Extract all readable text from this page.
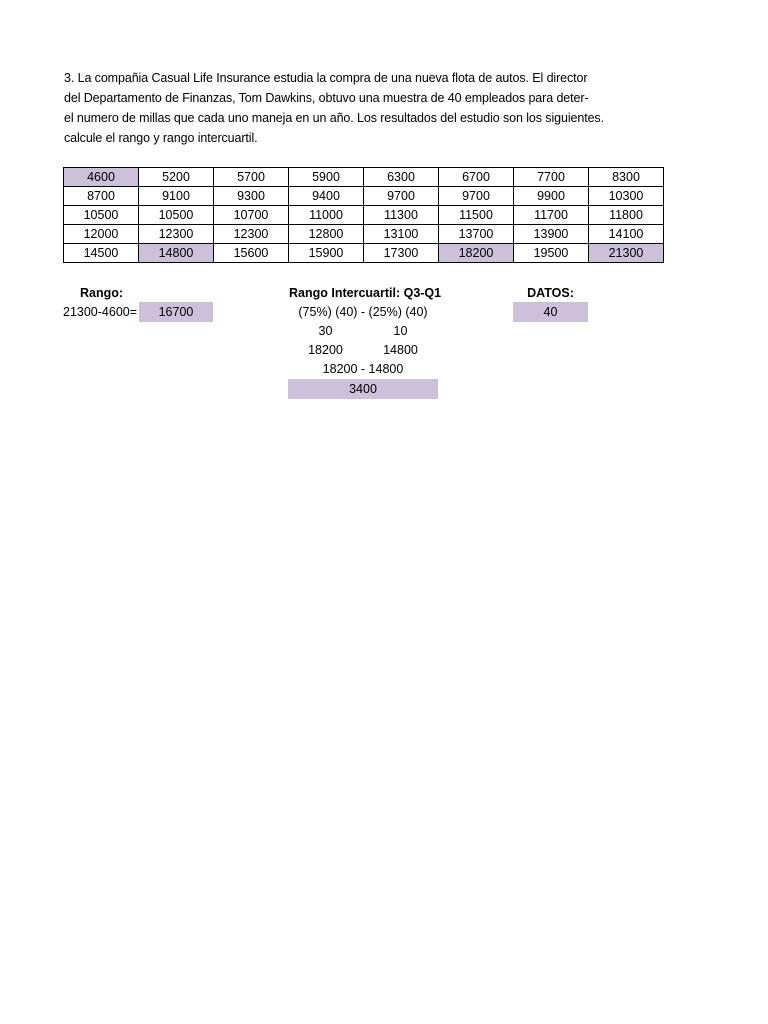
3. La compañia Casual Life Insurance estudia la compra de una nueva flota de autos. El director
del Departamento de Finanzas, Tom Dawkins, obtuvo una muestra de 40 empleados para deter-
el numero de millas que cada uno maneja en un año. Los resultados del estudio son los siguientes.
calcule el rango y rango intercuartil.
4600	5200	5700	5900	6300	6700	7700	8300
8700	9100	9300	9400	9700	9700	9900	10300
10500	10500	10700	11000	11300	11500	11700	11800
12000	12300	12300	12800	13100	13700	13900	14100
14500	14800	15600	15900	17300	18200	19500	21300
Rango:
21300-4600=	16700
Rango Intercuartil: Q3-Q1
(75%) (40) - (25%) (40)
30	10
18200	14800
18200 - 14800
3400
DATOS:
40
